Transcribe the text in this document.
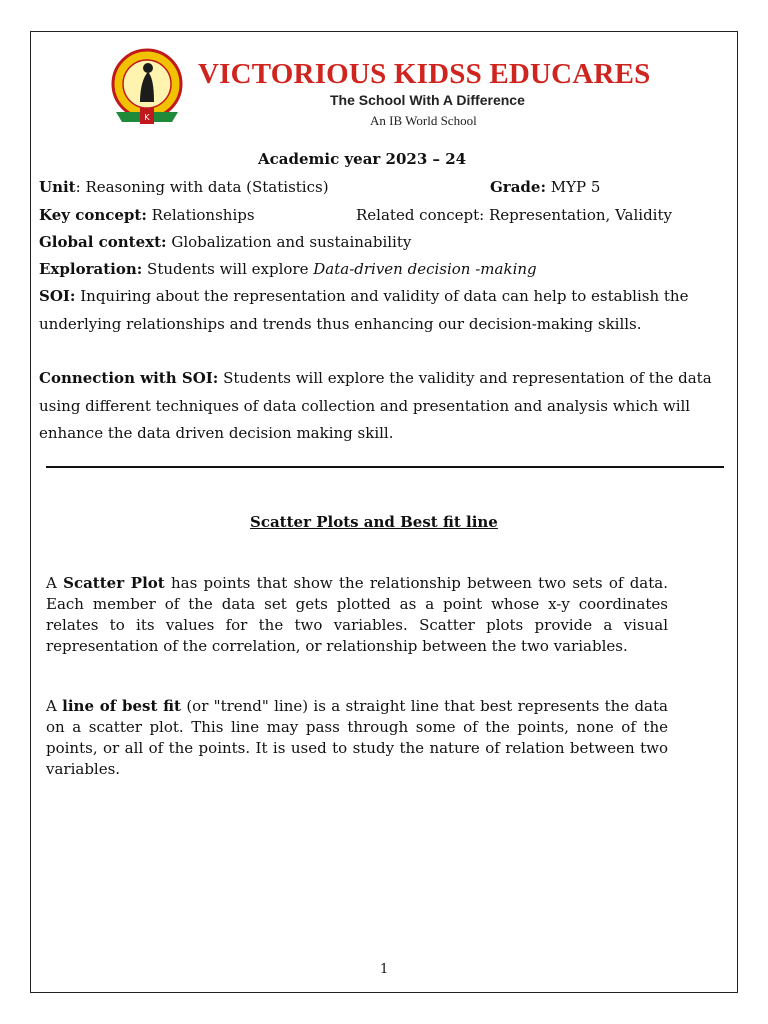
K
VICTORIOUS KIDSS EDUCARES
The School With A Difference
An IB World School
Academic year 2023 – 24
Unit: Reasoning with data (Statistics)	Grade: MYP 5
Key concept: Relationships	Related concept: Representation, Validity
Global context: Globalization and sustainability
Exploration: Students will explore Data-driven decision -making
SOI: Inquiring about the representation and validity of data can help to establish the underlying relationships and trends thus enhancing our decision-making skills.
Connection with SOI: Students will explore the validity and representation of the data using different techniques of data collection and presentation and analysis which will enhance the data driven decision making skill.
Scatter Plots and Best fit line
A Scatter Plot has points that show the relationship between two sets of data. Each member of the data set gets plotted as a point whose x-y coordinates relates to its values for the two variables. Scatter plots provide a visual representation of the correlation, or relationship between the two variables.
A line of best fit (or "trend" line) is a straight line that best represents the data on a scatter plot. This line may pass through some of the points, none of the points, or all of the points. It is used to study the nature of relation between two variables.
1
